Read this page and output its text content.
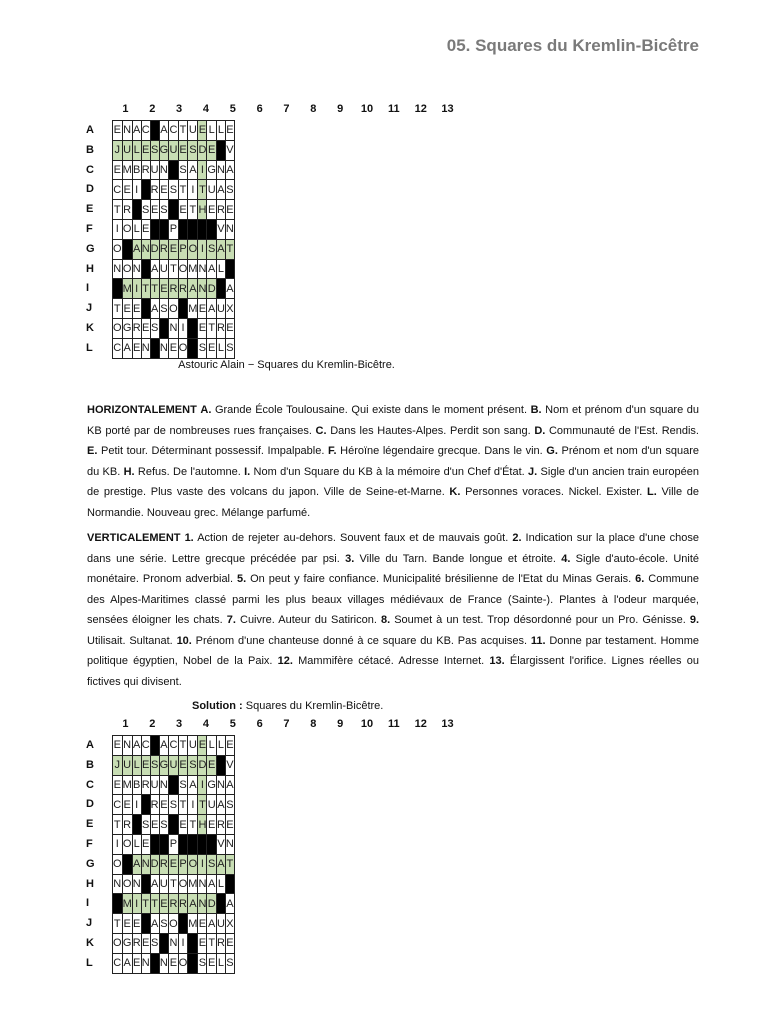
05. Squares du Kremlin-Bicêtre
1	2	3	4	5	6	7	8	9	10	11	12	13
A
B
C
D
E
F
G
H
I
J
K
L
E	N	A	C		A	C	T	U	E	L	L	E
J	U	L	E	S	G	U	E	S	D	E		V
E	M	B	R	U	N		S	A	I	G	N	A
C	E	I		R	E	S	T	I	T	U	A	S
T	R		S	E	S		E	T	H	E	R	E
I	O	L	E			P					V	N
O		A	N	D	R	E	P	O	I	S	A	T
N	O	N		A	U	T	O	M	N	A	L	
	M	I	T	T	E	R	R	A	N	D		A
T	E	E		A	S	O		M	E	A	U	X
O	G	R	E	S		N	I		E	T	R	E
C	A	E	N		N	E	O		S	E	L	S
Astouric Alain − Squares du Kremlin-Bicêtre.
HORIZONTALEMENT A. Grande École Toulousaine. Qui existe dans le moment présent. B. Nom et prénom d'un square du KB porté par de nombreuses rues françaises. C. Dans les Hautes-Alpes. Perdit son sang. D. Communauté de l'Est. Rendis. E. Petit tour. Déterminant possessif. Impalpable. F. Héroïne légendaire grecque. Dans le vin. G. Prénom et nom d'un square du KB. H. Refus. De l'automne. I. Nom d'un Square du KB à la mémoire d'un Chef d'État. J. Sigle d'un ancien train européen de prestige. Plus vaste des volcans du japon. Ville de Seine-et-Marne. K. Personnes voraces. Nickel. Exister. L. Ville de Normandie. Nouveau grec. Mélange parfumé.
VERTICALEMENT 1. Action de rejeter au-dehors. Souvent faux et de mauvais goût. 2. Indication sur la place d'une chose dans une série. Lettre grecque précédée par psi. 3. Ville du Tarn. Bande longue et étroite. 4. Sigle d'auto-école. Unité monétaire. Pronom adverbial. 5. On peut y faire confiance. Municipalité brésilienne de l'Etat du Minas Gerais. 6. Commune des Alpes-Maritimes classé parmi les plus beaux villages médiévaux de France (Sainte-). Plantes à l'odeur marquée, sensées éloigner les chats. 7. Cuivre. Auteur du Satiricon. 8. Soumet à un test. Trop désordonné pour un Pro. Génisse. 9. Utilisait. Sultanat. 10. Prénom d'une chanteuse donné à ce square du KB. Pas acquises. 11. Donne par testament. Homme politique égyptien, Nobel de la Paix. 12. Mammifère cétacé. Adresse Internet. 13. Élargissent l'orifice. Lignes réelles ou fictives qui divisent.
Solution : Squares du Kremlin-Bicêtre.
1	2	3	4	5	6	7	8	9	10	11	12	13
A
B
C
D
E
F
G
H
I
J
K
L
E	N	A	C		A	C	T	U	E	L	L	E
J	U	L	E	S	G	U	E	S	D	E		V
E	M	B	R	U	N		S	A	I	G	N	A
C	E	I		R	E	S	T	I	T	U	A	S
T	R		S	E	S		E	T	H	E	R	E
I	O	L	E			P					V	N
O		A	N	D	R	E	P	O	I	S	A	T
N	O	N		A	U	T	O	M	N	A	L	
	M	I	T	T	E	R	R	A	N	D		A
T	E	E		A	S	O		M	E	A	U	X
O	G	R	E	S		N	I		E	T	R	E
C	A	E	N		N	E	O		S	E	L	S
